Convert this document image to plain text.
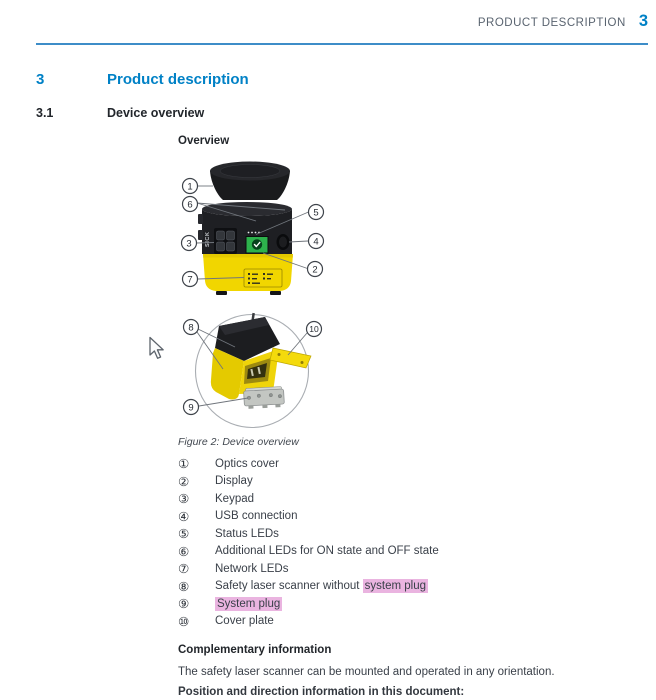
PRODUCT DESCRIPTION 3
3	Product description
3.1	Device overview
Overview
SICK
1
6
3
7
5
4
2
8	10
9
Figure 2: Device overview
①	Optics cover
②	Display
③	Keypad
④	USB connection
⑤	Status LEDs
⑥	Additional LEDs for ON state and OFF state
⑦	Network LEDs
⑧	Safety laser scanner without system plug
⑨	System plug
⑩	Cover plate
Complementary information
The safety laser scanner can be mounted and operated in any orientation.
Position and direction information in this document:
